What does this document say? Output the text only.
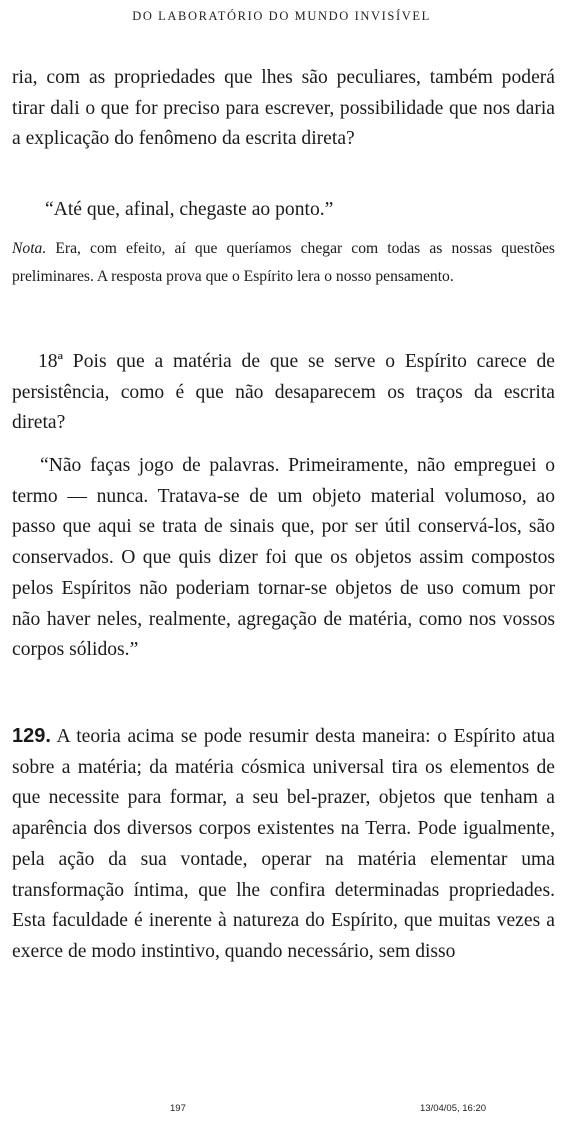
DO LABORATÓRIO DO MUNDO INVISÍVEL

ria, com as propriedades que lhes são peculiares, também poderá tirar dali o que for preciso para escrever, possibilidade que nos daria a explicação do fenômeno da escrita direta?

“Até que, afinal, chegaste ao ponto.”

Nota. Era, com efeito, aí que queríamos chegar com todas as nossas questões preliminares. A resposta prova que o Espírito lera o nosso pensamento.

18ª Pois que a matéria de que se serve o Espírito carece de persistência, como é que não desaparecem os traços da escrita direta?

“Não faças jogo de palavras. Primeiramente, não empreguei o termo — nunca. Tratava-se de um objeto material volumoso, ao passo que aqui se trata de sinais que, por ser útil conservá-los, são conservados. O que quis dizer foi que os objetos assim compostos pelos Espíritos não poderiam tornar-se objetos de uso comum por não haver neles, realmente, agregação de matéria, como nos vossos corpos sólidos.”

129. A teoria acima se pode resumir desta maneira: o Espírito atua sobre a matéria; da matéria cósmica universal tira os elementos de que necessite para formar, a seu bel-prazer, objetos que tenham a aparência dos diversos corpos existentes na Terra. Pode igualmente, pela ação da sua vontade, operar na matéria elementar uma transformação íntima, que lhe confira determinadas propriedades. Esta faculdade é inerente à natureza do Espírito, que muitas vezes a exerce de modo instintivo, quando necessário, sem disso

197	13/04/05, 16:20
